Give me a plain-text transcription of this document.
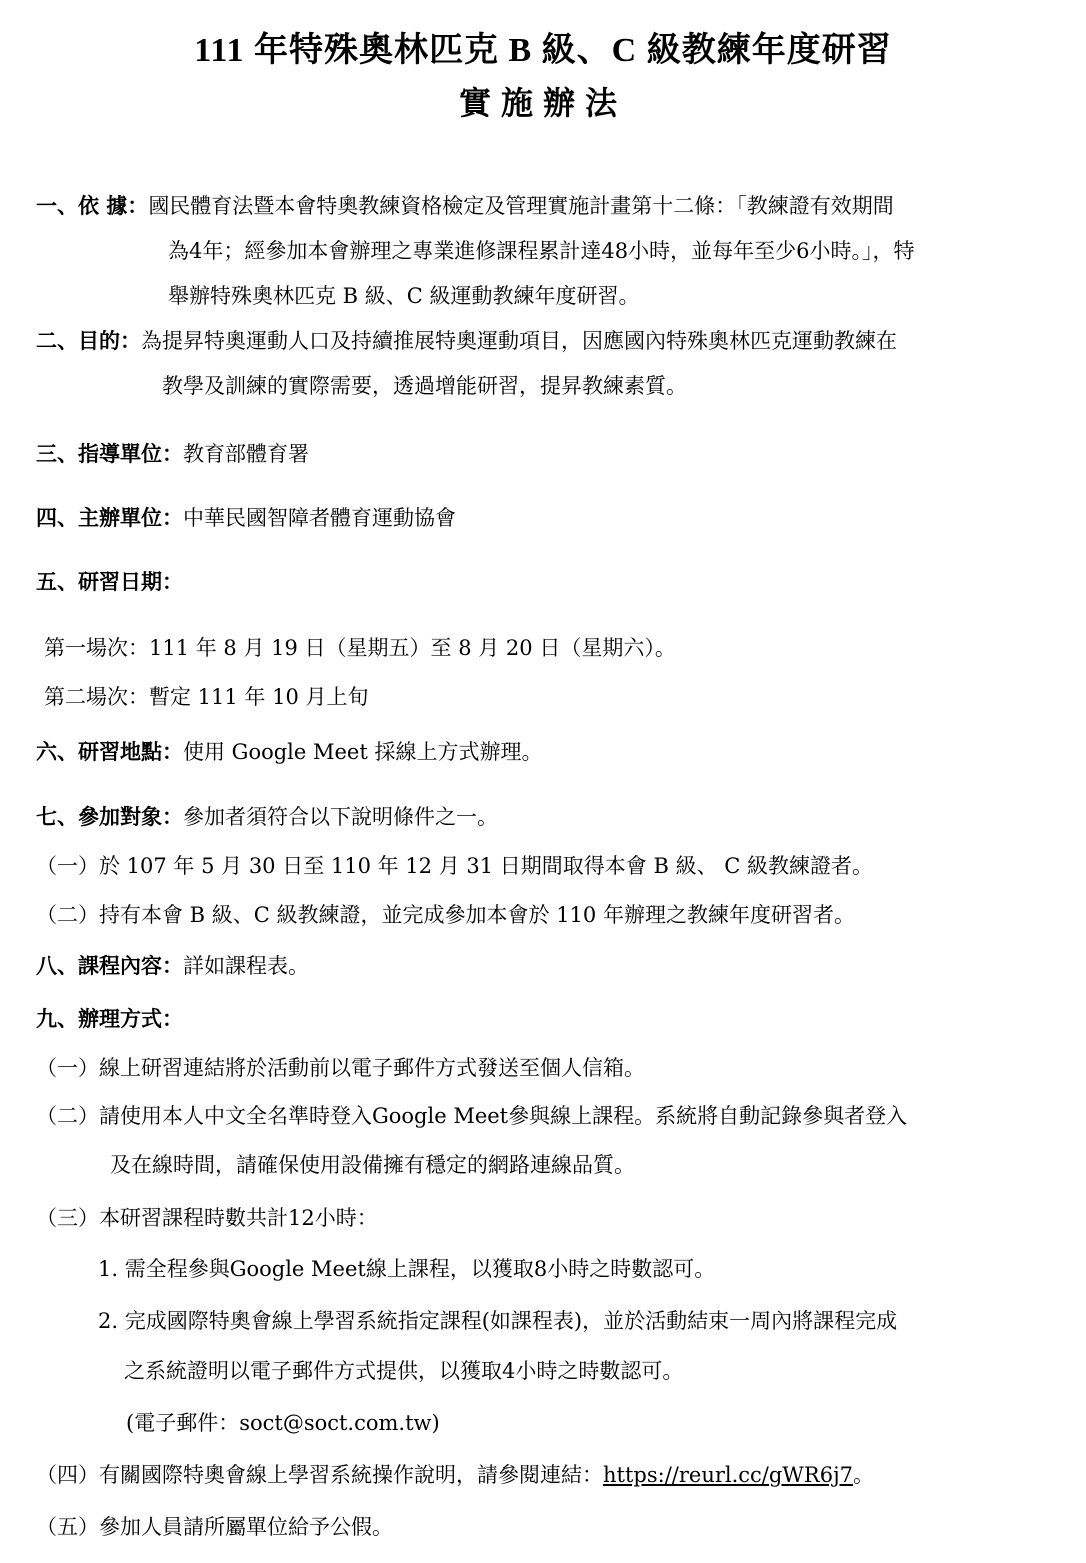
111 年特殊奧林匹克 B 級、C 級教練年度研習
實施辦法
一、依 據：國民體育法暨本會特奧教練資格檢定及管理實施計畫第十二條：「教練證有效期間
為4年；經參加本會辦理之專業進修課程累計達48小時，並每年至少6小時。」，特
舉辦特殊奧林匹克 B 級、C 級運動教練年度研習。
二、目的：為提昇特奧運動人口及持續推展特奧運動項目，因應國內特殊奧林匹克運動教練在
教學及訓練的實際需要，透過增能研習，提昇教練素質。
三、指導單位：教育部體育署
四、主辦單位：中華民國智障者體育運動協會
五、研習日期：
第一場次：111 年 8 月 19 日（星期五）至 8 月 20 日（星期六）。
第二場次：暫定 111 年 10 月上旬
六、研習地點：使用 Google Meet 採線上方式辦理。
七、參加對象：參加者須符合以下說明條件之一。
（一）於 107 年 5 月 30 日至 110 年 12 月 31 日期間取得本會 B 級、 C 級教練證者。
（二）持有本會 B 級、C 級教練證，並完成參加本會於 110 年辦理之教練年度研習者。
八、課程內容：詳如課程表。
九、辦理方式：
（一）線上研習連結將於活動前以電子郵件方式發送至個人信箱。
（二）請使用本人中文全名準時登入Google Meet參與線上課程。系統將自動記錄參與者登入
及在線時間，請確保使用設備擁有穩定的網路連線品質。
（三）本研習課程時數共計12小時：
1. 需全程參與Google Meet線上課程，以獲取8小時之時數認可。
2. 完成國際特奧會線上學習系統指定課程(如課程表)，並於活動結束一周內將課程完成
之系統證明以電子郵件方式提供，以獲取4小時之時數認可。
(電子郵件：soct@soct.com.tw)
（四）有關國際特奧會線上學習系統操作說明，請參閱連結：https://reurl.cc/gWR6j7。
（五）參加人員請所屬單位給予公假。
